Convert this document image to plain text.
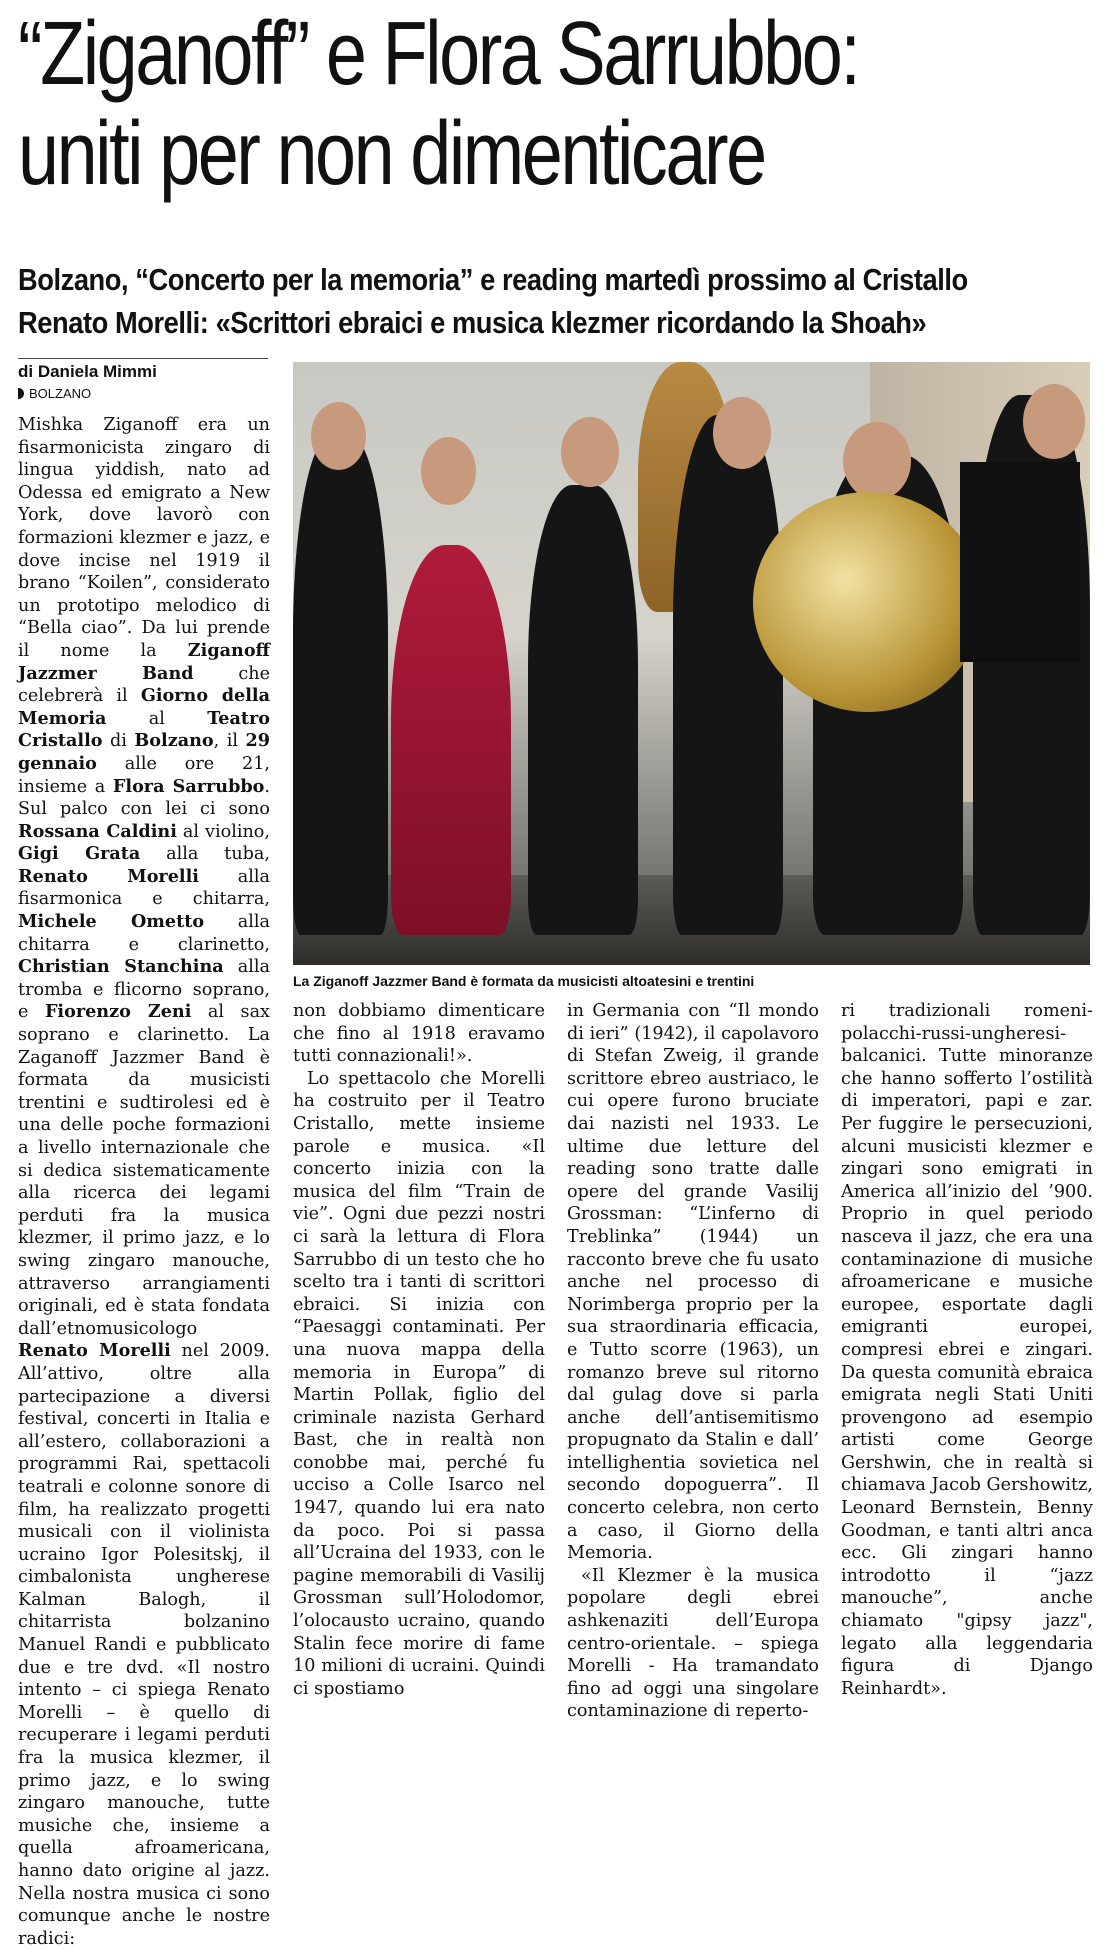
“Ziganoff” e Flora Sarrubbo:
uniti per non dimenticare
Bolzano, “Concerto per la memoria” e reading martedì prossimo al Cristallo
Renato Morelli: «Scrittori ebraici e musica klezmer ricordando la Shoah»
di Daniela Mimmi
BOLZANO
La Ziganoff Jazzmer Band è formata da musicisti altoatesini e trentini

Mishka Ziganoff era un fisarmonicista zingaro di lingua yiddish, nato ad Odessa ed emigrato a New York, dove lavorò con formazioni klezmer e jazz, e dove incise nel 1919 il brano “Koilen”, considerato un prototipo melodico di “Bella ciao”. Da lui prende il nome la Ziganoff Jazzmer Band che celebrerà il Giorno della Memoria al Teatro Cristallo di Bolzano, il 29 gennaio alle ore 21, insieme a Flora Sarrubbo. Sul palco con lei ci sono Rossana Caldini al violino, Gigi Grata alla tuba, Renato Morelli alla fisarmonica e chitarra, Michele Ometto alla chitarra e clarinetto, Christian Stanchina alla tromba e flicorno soprano, e Fiorenzo Zeni al sax soprano e clarinetto. La Zaganoff Jazzmer Band è formata da musicisti trentini e sudtirolesi ed è una delle poche formazioni a livello internazionale che si dedica sistematicamente alla ricerca dei legami perduti fra la musica klezmer, il primo jazz, e lo swing zingaro manouche, attraverso arrangiamenti originali, ed è stata fondata dall’etnomusicologo Renato Morelli nel 2009. All’attivo, oltre alla partecipazione a diversi festival, concerti in Italia e all’estero, collaborazioni a programmi Rai, spettacoli teatrali e colonne sonore di film, ha realizzato progetti musicali con il violinista ucraino Igor Polesitskj, il cimbalonista ungherese Kalman Balogh, il chitarrista bolzanino Manuel Randi e pubblicato due e tre dvd. «Il nostro intento – ci spiega Renato Morelli – è quello di recuperare i legami perduti fra la musica klezmer, il primo jazz, e lo swing zingaro manouche, tutte musiche che, insieme a quella afroamericana, hanno dato origine al jazz. Nella nostra musica ci sono comunque anche le nostre radici:

non dobbiamo dimenticare che fino al 1918 eravamo tutti connazionali!».

Lo spettacolo che Morelli ha costruito per il Teatro Cristallo, mette insieme parole e musica. «Il concerto inizia con la musica del film “Train de vie”. Ogni due pezzi nostri ci sarà la lettura di Flora Sarrubbo di un testo che ho scelto tra i tanti di scrittori ebraici. Si inizia con “Paesaggi contaminati. Per una nuova mappa della memoria in Europa” di Martin Pollak, figlio del criminale nazista Gerhard Bast, che in realtà non conobbe mai, perché fu ucciso a Colle Isarco nel 1947, quando lui era nato da poco. Poi si passa all’Ucraina del 1933, con le pagine memorabili di Vasilij Grossman sull’Holodomor, l’olocausto ucraino, quando Stalin fece morire di fame 10 milioni di ucraini. Quindi ci spostiamo

in Germania con “Il mondo di ieri” (1942), il capolavoro di Stefan Zweig, il grande scrittore ebreo austriaco, le cui opere furono bruciate dai nazisti nel 1933. Le ultime due letture del reading sono tratte dalle opere del grande Vasilij Grossman: “L’inferno di Treblinka” (1944) un racconto breve che fu usato anche nel processo di Norimberga proprio per la sua straordinaria efficacia, e Tutto scorre (1963), un romanzo breve sul ritorno dal gulag dove si parla anche dell’antisemitismo propugnato da Stalin e dall’ intellighentia sovietica nel secondo dopoguerra”. Il concerto celebra, non certo a caso, il Giorno della Memoria.

«Il Klezmer è la musica popolare degli ebrei ashkenaziti dell’Europa centro-orientale. – spiega Morelli - Ha tramandato fino ad oggi una singolare contaminazione di reperto-

ri tradizionali romeni-polacchi-russi-ungheresi-balcanici. Tutte minoranze che hanno sofferto l’ostilità di imperatori, papi e zar. Per fuggire le persecuzioni, alcuni musicisti klezmer e zingari sono emigrati in America all’inizio del ’900. Proprio in quel periodo nasceva il jazz, che era una contaminazione di musiche afroamericane e musiche europee, esportate dagli emigranti europei, compresi ebrei e zingari. Da questa comunità ebraica emigrata negli Stati Uniti provengono ad esempio artisti come George Gershwin, che in realtà si chiamava Jacob Gershowitz, Leonard Bernstein, Benny Goodman, e tanti altri anca ecc. Gli zingari hanno introdotto il “jazz manouche”, anche chiamato "gipsy jazz", legato alla leggendaria figura di Django Reinhardt».
